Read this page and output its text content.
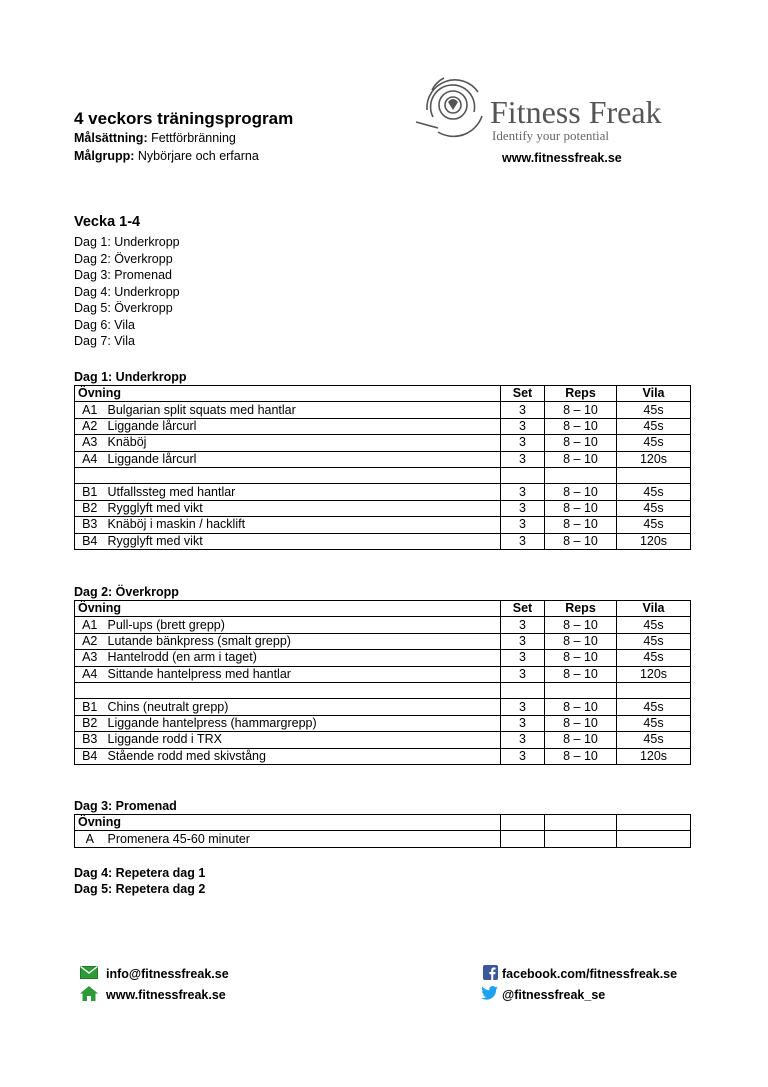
4 veckors träningsprogram
Målsättning: Fettförbränning
Målgrupp: Nybörjare och erfarna	www.fitnessfreak.se
Fitness Freak
Identify your potential
Vecka 1-4
Dag 1: Underkropp
Dag 2: Överkropp
Dag 3: Promenad
Dag 4: Underkropp
Dag 5: Överkropp
Dag 6: Vila
Dag 7: Vila
Dag 1: Underkropp
Övning		Set	Reps	Vila
A1	Bulgarian split squats med hantlar	3	8 – 10	45s
A2	Liggande lårcurl	3	8 – 10	45s
A3	Knäböj	3	8 – 10	45s
A4	Liggande lårcurl	3	8 – 10	120s

B1	Utfallssteg med hantlar	3	8 – 10	45s
B2	Rygglyft med vikt	3	8 – 10	45s
B3	Knäböj i maskin / hacklift	3	8 – 10	45s
B4	Rygglyft med vikt	3	8 – 10	120s
Dag 2: Överkropp
Övning		Set	Reps	Vila
A1	Pull-ups (brett grepp)	3	8 – 10	45s
A2	Lutande bänkpress (smalt grepp)	3	8 – 10	45s
A3	Hantelrodd (en arm i taget)	3	8 – 10	45s
A4	Sittande hantelpress med hantlar	3	8 – 10	120s

B1	Chins (neutralt grepp)	3	8 – 10	45s
B2	Liggande hantelpress (hammargrepp)	3	8 – 10	45s
B3	Liggande rodd i TRX	3	8 – 10	45s
B4	Stående rodd med skivstång	3	8 – 10	120s
Dag 3: Promenad
Övning				
A	Promenera 45-60 minuter			
Dag 4: Repetera dag 1
Dag 5: Repetera dag 2
info@fitnessfreak.se
www.fitnessfreak.se
facebook.com/fitnessfreak.se
@fitnessfreak_se
